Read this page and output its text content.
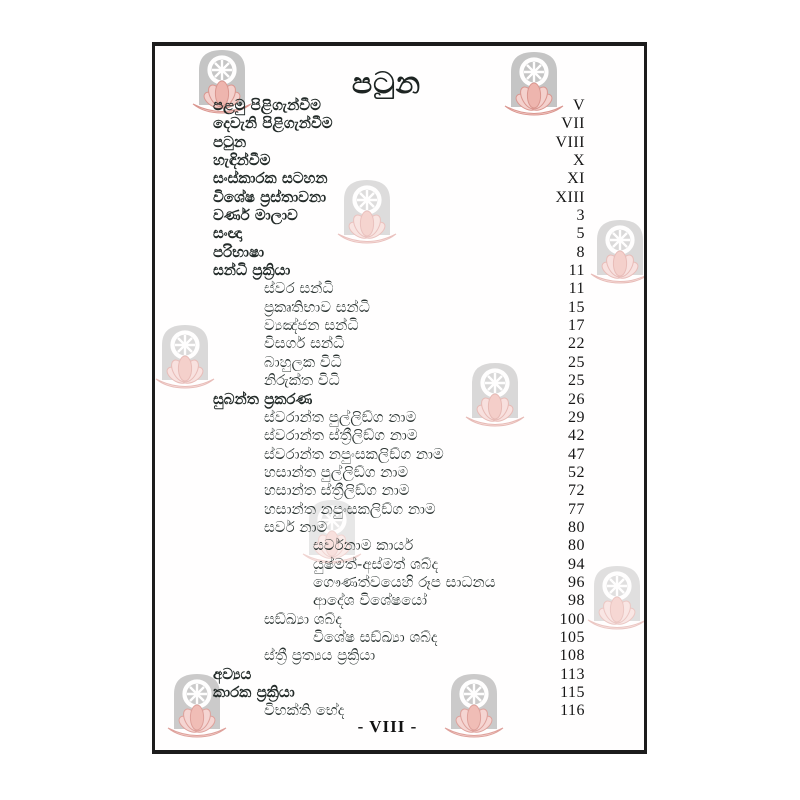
පටුන
පළමු පිළිගැන්වීම	V
දෙවැනි පිළිගැන්වීම	VII
පටුන	VIII
හැඳින්වීම	X
සංස්කාරක සටහන	XI
විශේෂ ප්‍රස්තාවනා	XIII
වර්ණ මාලාව	3
සංඥා	5
පරිභාෂා	8
සන්ධි ප්‍රක්‍රියා	11
ස්වර සන්ධි	11
ප්‍රකෘතිභාව සන්ධි	15
ව්‍යඤ්ජන සන්ධි	17
විසර්ග සන්ධි	22
බාහුලක විධි	25
නිරුක්ත විධි	25
සුබන්ත ප්‍රකරණ	26
ස්වරාන්ත පුල්ලිඞ්ග නාම	29
ස්වරාන්ත ස්ත්‍රීලිඞ්ග නාම	42
ස්වරාන්ත නපුංසකලිඞ්ග නාම	47
හසාන්ත පුල්ලිඞ්ග නාම	52
හසාන්ත ස්ත්‍රීලිඞ්ග නාම	72
හසාන්ත නපුංසකලිඞ්ග නාම	77
සර්ව නාම	80
සර්වනාම කාර්ය	80
යුෂ්මත්-අස්මත් ශබ්ද	94
ගෞණත්වයෙහි රූප සාධනය	96
ආදේශ විශේෂයෝ	98
සඞ්ඛ්‍යා ශබ්ද	100
විශේෂ සඞ්ඛ්‍යා ශබ්ද	105
ස්ත්‍රී ප්‍රත්‍යය ප්‍රක්‍රියා	108
අව්‍යය	113
කාරක ප්‍රක්‍රියා	115
විභක්ති භේද	116
- VIII -
